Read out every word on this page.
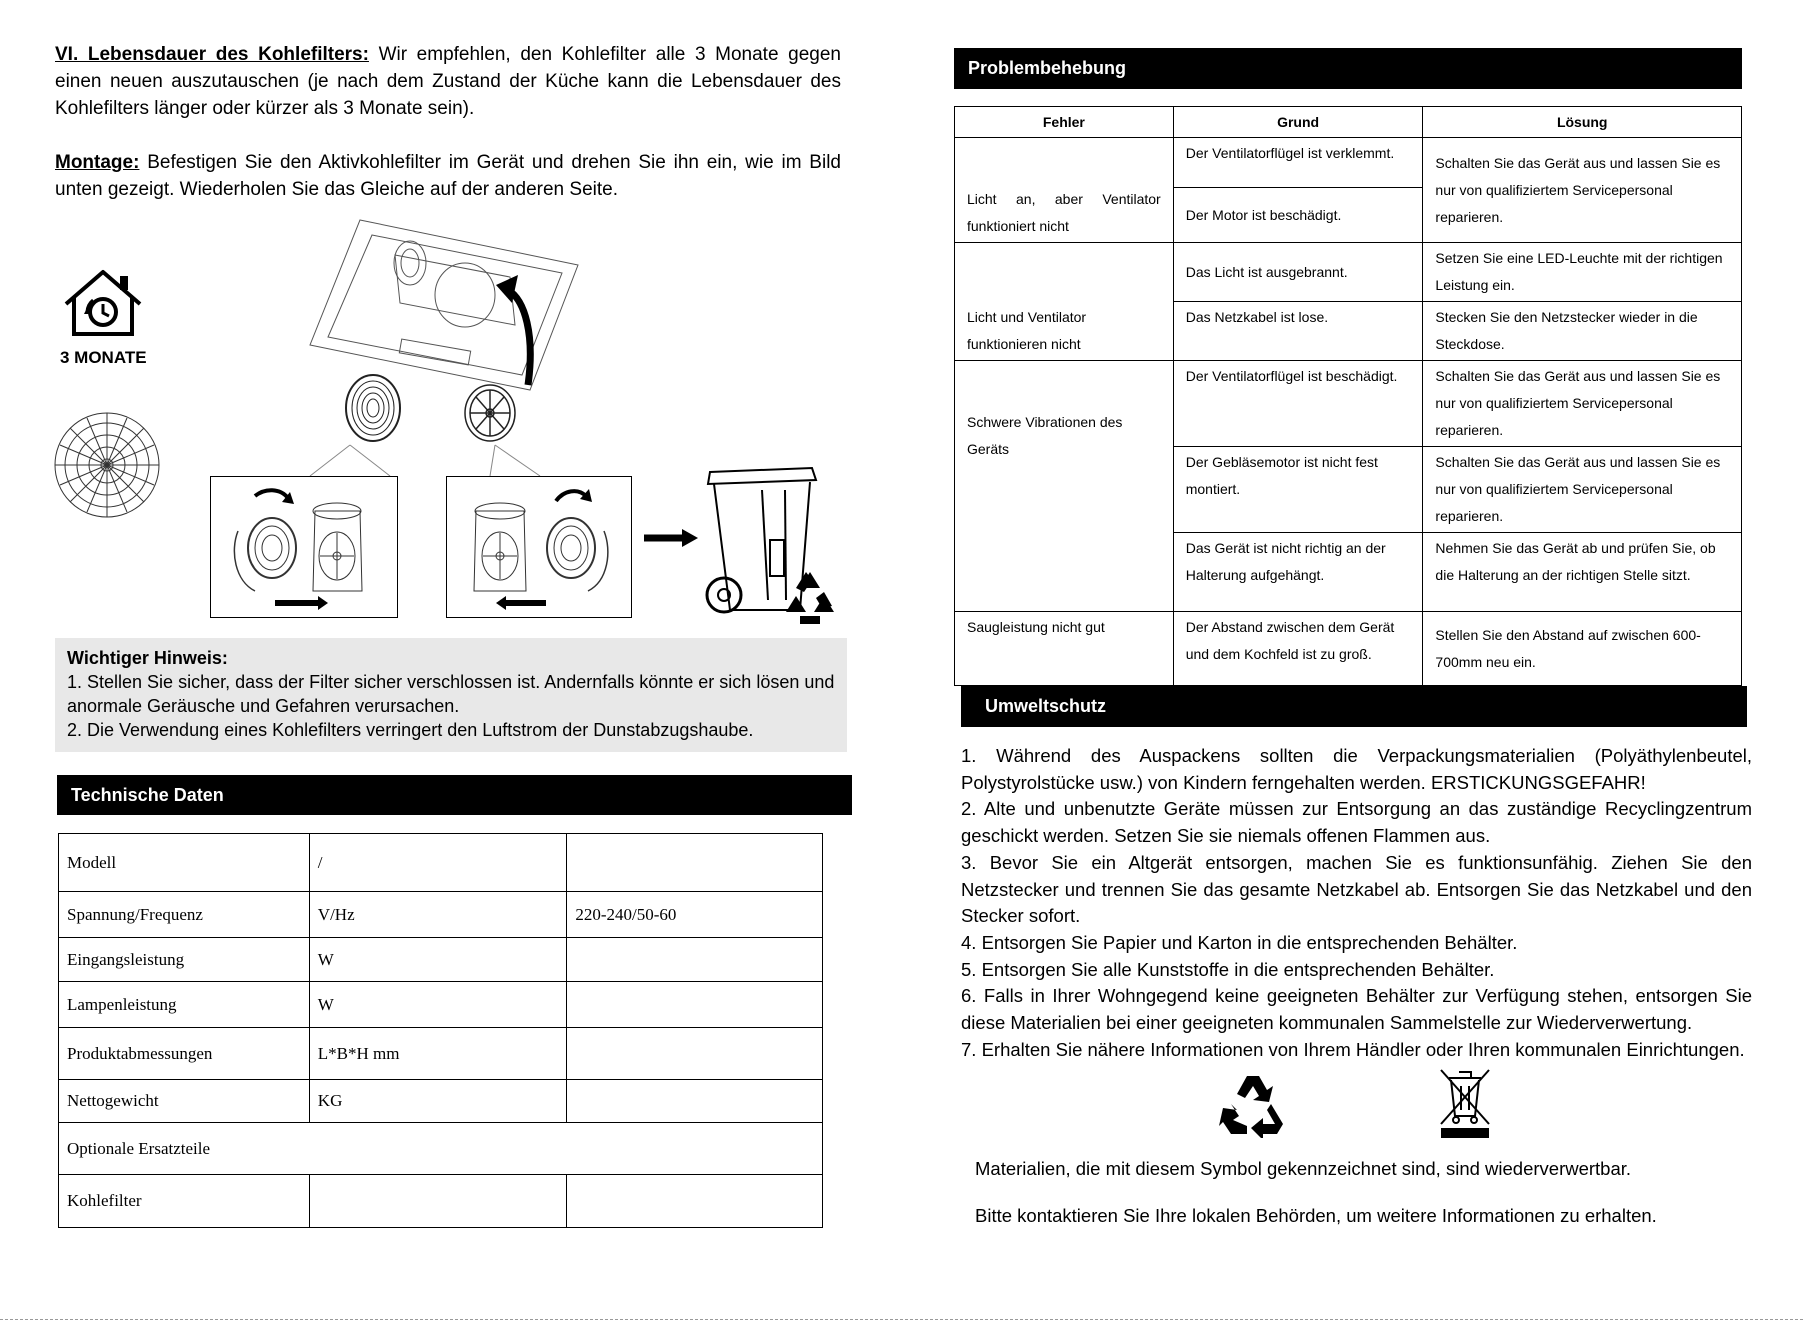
VI. Lebensdauer des Kohlefilters: Wir empfehlen, den Kohlefilter alle 3 Monate gegen einen neuen auszutauschen (je nach dem Zustand der Küche kann die Lebensdauer des Kohlefilters länger oder kürzer als 3 Monate sein).
Montage: Befestigen Sie den Aktivkohlefilter im Gerät und drehen Sie ihn ein, wie im Bild unten gezeigt. Wiederholen Sie das Gleiche auf der anderen Seite.
3 MONATE
Wichtiger Hinweis:
1. Stellen Sie sicher, dass der Filter sicher verschlossen ist. Andernfalls könnte er sich lösen und anormale Geräusche und Gefahren verursachen.
2. Die Verwendung eines Kohlefilters verringert den Luftstrom der Dunstabzugshaube.
Technische Daten
Modell	/	
Spannung/Frequenz	V/Hz	220-240/50-60
Eingangsleistung	W	
Lampenleistung	W	
Produktabmessungen	L*B*H mm	
Nettogewicht	KG	
Optionale Ersatzteile		
Kohlefilter		
Problembehebung
Fehler	Grund	Lösung
Licht an, aber Ventilator funktioniert nicht	Der Ventilatorflügel ist verklemmt.	Schalten Sie das Gerät aus und lassen Sie es nur von qualifiziertem Servicepersonal reparieren.
	Der Motor ist beschädigt.	
Licht und Ventilator funktionieren nicht	Das Licht ist ausgebrannt.	Setzen Sie eine LED-Leuchte mit der richtigen Leistung ein.
	Das Netzkabel ist lose.	Stecken Sie den Netzstecker wieder in die Steckdose.
Schwere Vibrationen des Geräts	Der Ventilatorflügel ist beschädigt.	Schalten Sie das Gerät aus und lassen Sie es nur von qualifiziertem Servicepersonal reparieren.
	Der Gebläsemotor ist nicht fest montiert.	Schalten Sie das Gerät aus und lassen Sie es nur von qualifiziertem Servicepersonal reparieren.
	Das Gerät ist nicht richtig an der Halterung aufgehängt.	Nehmen Sie das Gerät ab und prüfen Sie, ob die Halterung an der richtigen Stelle sitzt.
Saugleistung nicht gut	Der Abstand zwischen dem Gerät und dem Kochfeld ist zu groß.	Stellen Sie den Abstand auf zwischen 600-700mm neu ein.
Umweltschutz

1. Während des Auspackens sollten die Verpackungsmaterialien (Polyäthylenbeutel, Polystyrolstücke usw.) von Kindern ferngehalten werden. ERSTICKUNGSGEFAHR!

2. Alte und unbenutzte Geräte müssen zur Entsorgung an das zuständige Recyclingzentrum geschickt werden. Setzen Sie sie niemals offenen Flammen aus.

3. Bevor Sie ein Altgerät entsorgen, machen Sie es funktionsunfähig. Ziehen Sie den Netzstecker und trennen Sie das gesamte Netzkabel ab. Entsorgen Sie das Netzkabel und den Stecker sofort.

4. Entsorgen Sie Papier und Karton in die entsprechenden Behälter.

5. Entsorgen Sie alle Kunststoffe in die entsprechenden Behälter.

6. Falls in Ihrer Wohngegend keine geeigneten Behälter zur Verfügung stehen, entsorgen Sie diese Materialien bei einer geeigneten kommunalen Sammelstelle zur Wiederverwertung.

7. Erhalten Sie nähere Informationen von Ihrem Händler oder Ihren kommunalen Einrichtungen.

Materialien, die mit diesem Symbol gekennzeichnet sind, sind wiederverwertbar.
Bitte kontaktieren Sie Ihre lokalen Behörden, um weitere Informationen zu erhalten.
